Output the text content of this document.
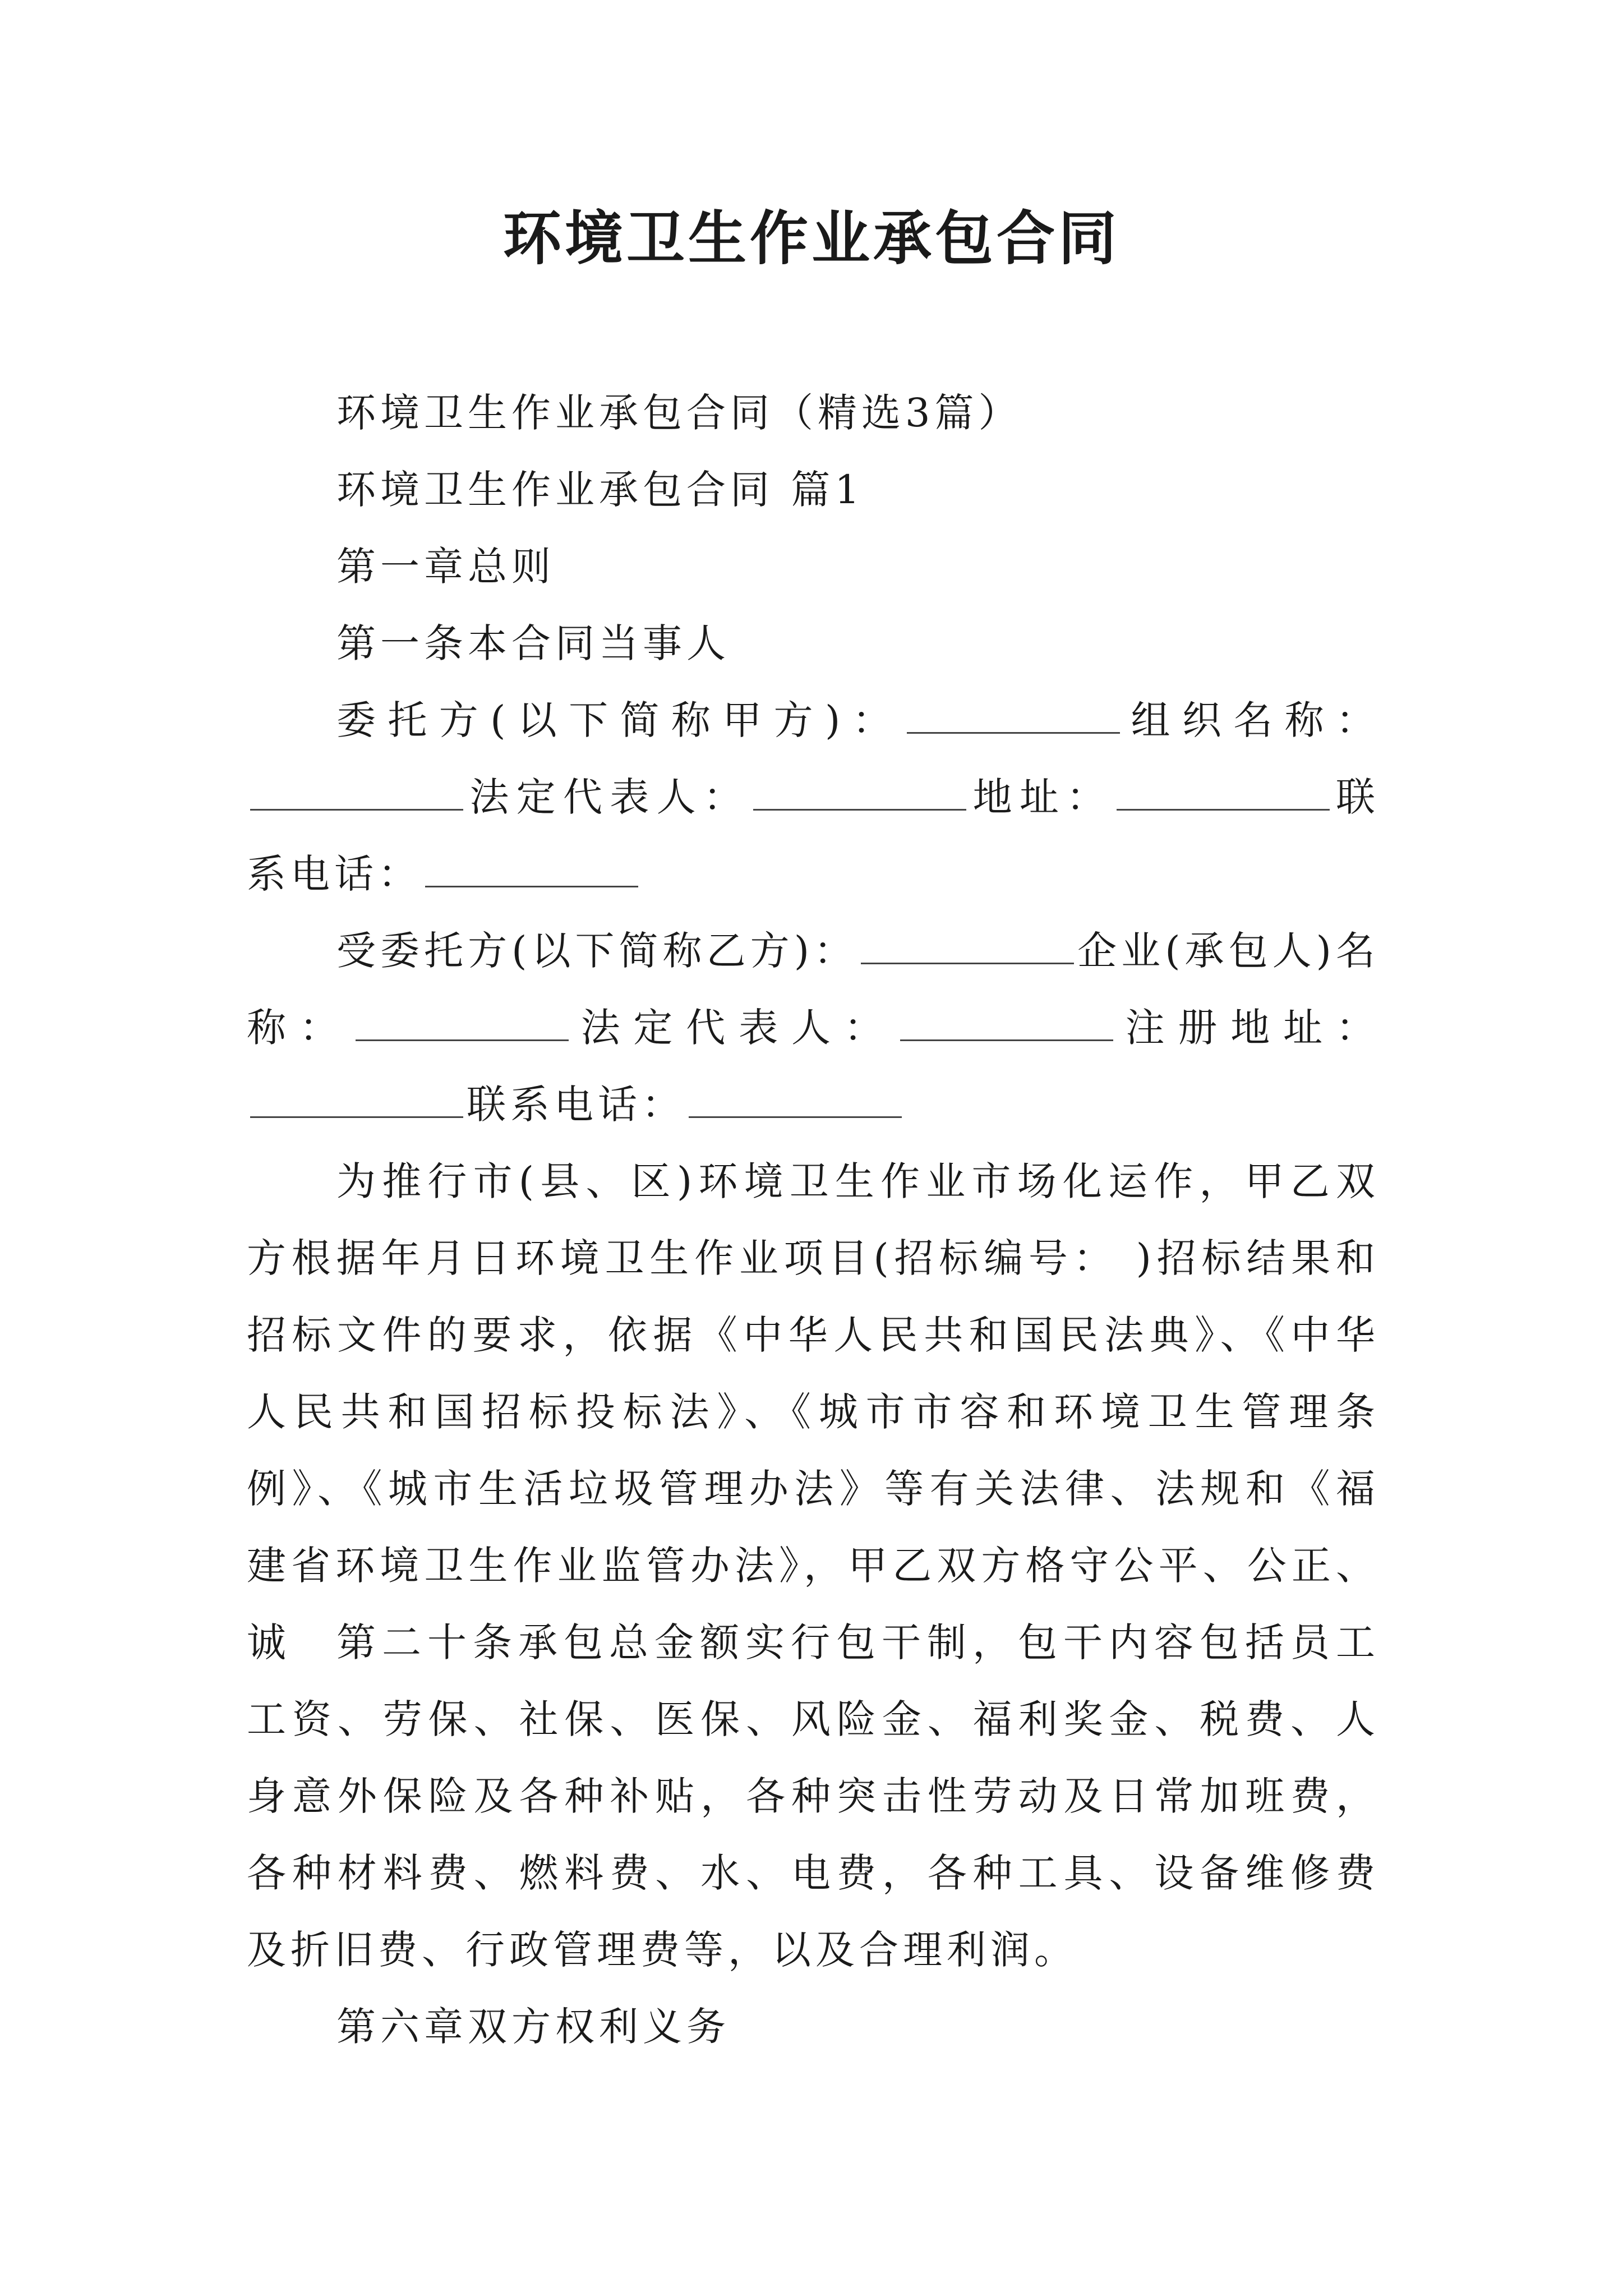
环境卫生作业承包合同

环境卫生作业承包合同（精选3篇）

环境卫生作业承包合同 篇1

第一章总则

第一条本合同当事人

委托方(以下简称甲方)：	组织名称：法定代表人：	地址：	联系电话：

受委托方(以下简称乙方)：	企业(承包人)名称：	法定代表人：	注册地址：联系电话：

为推行市(县、区)环境卫生作业市场化运作，甲乙双方根据年月日环境卫生作业项目(招标编号： )招标结果和招标文件的要求，依据《中华人民共和国民法典》、《中华人民共和国招标投标法》、《城市市容和环境卫生管理条例》、《城市生活垃圾管理办法》等有关法律、法规和《福建省环境卫生作业监管办法》，甲乙双方格守公平、公正、诚	第二十条承包总金额实行包干制，包干内容包括员工工资、劳保、社保、医保、风险金、福利奖金、税费、人身意外保险及各种补贴，各种突击性劳动及日常加班费，各种材料费、燃料费、水、电费，各种工具、设备维修费及折旧费、行政管理费等，以及合理利润。

第六章双方权利义务
